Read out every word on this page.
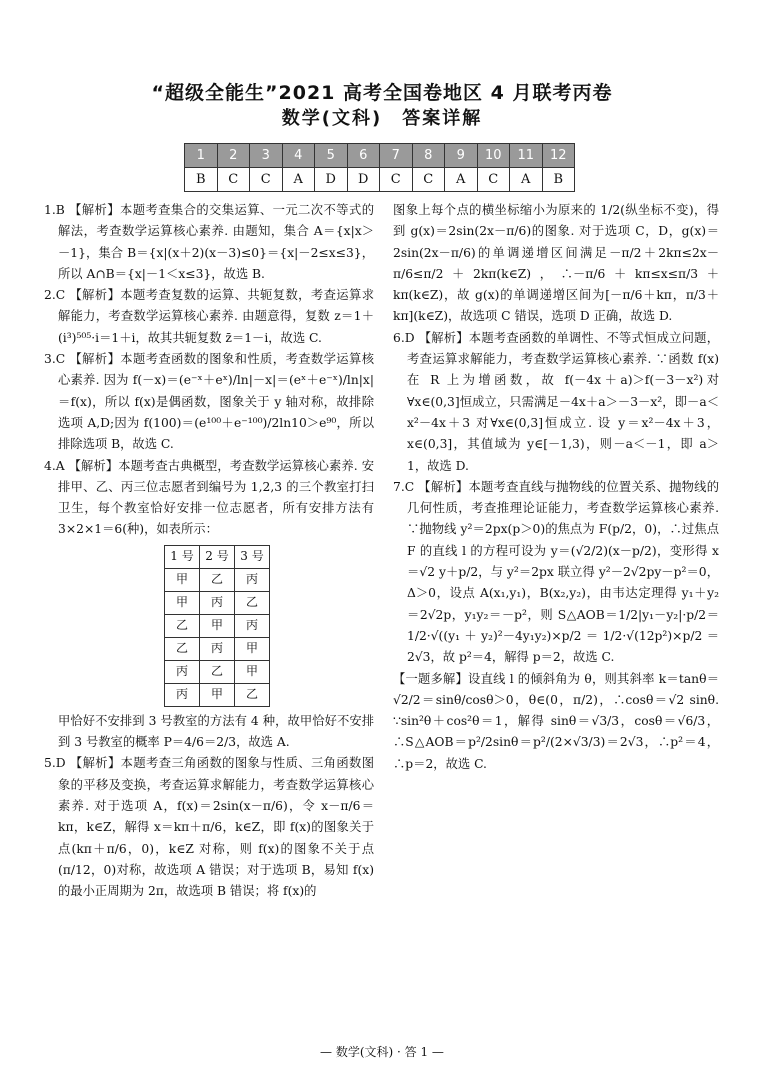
“超级全能生”2021 高考全国卷地区 4 月联考丙卷
数学(文科)　答案详解
1	2	3	4	5	6	7	8	9	10	11	12
B	C	C	A	D	D	C	C	A	C	A	B

1.B 【解析】本题考查集合的交集运算、一元二次不等式的解法，考查数学运算核心素养. 由题知，集合 A＝{x|x＞－1}，集合 B＝{x|(x＋2)(x－3)≤0}＝{x|－2≤x≤3}，所以 A∩B＝{x|－1＜x≤3}，故选 B.

2.C 【解析】本题考查复数的运算、共轭复数，考查运算求解能力，考查数学运算核心素养. 由题意得，复数 z＝1＋(i³)⁵⁰⁵·i＝1＋i，故其共轭复数 z̄＝1－i，故选 C.

3.C 【解析】本题考查函数的图象和性质，考查数学运算核心素养. 因为 f(－x)＝(e⁻ˣ＋eˣ)/ln|－x|＝(eˣ＋e⁻ˣ)/ln|x|＝f(x)，所以 f(x)是偶函数，图象关于 y 轴对称，故排除选项 A,D;因为 f(100)＝(e¹⁰⁰＋e⁻¹⁰⁰)/2ln10＞e⁹⁰，所以排除选项 B，故选 C.

4.A 【解析】本题考查古典概型，考查数学运算核心素养. 安排甲、乙、丙三位志愿者到编号为 1,2,3 的三个教室打扫卫生，每个教室恰好安排一位志愿者，所有安排方法有 3×2×1＝6(种)，如表所示：

1 号	2 号	3 号
甲	乙	丙
甲	丙	乙
乙	甲	丙
乙	丙	甲
丙	乙	甲
丙	甲	乙

甲恰好不安排到 3 号教室的方法有 4 种，故甲恰好不安排到 3 号教室的概率 P＝4/6＝2/3，故选 A.

5.D 【解析】本题考查三角函数的图象与性质、三角函数图象的平移及变换，考查运算求解能力，考查数学运算核心素养. 对于选项 A，f(x)＝2sin(x－π/6)，令 x－π/6＝kπ，k∈Z，解得 x＝kπ＋π/6，k∈Z，即 f(x)的图象关于点(kπ＋π/6，0)，k∈Z 对称，则 f(x)的图象不关于点(π/12，0)对称，故选项 A 错误；对于选项 B，易知 f(x)的最小正周期为 2π，故选项 B 错误；将 f(x)的

图象上每个点的横坐标缩小为原来的 1/2(纵坐标不变)，得到 g(x)＝2sin(2x－π/6)的图象. 对于选项 C，D，g(x)＝2sin(2x－π/6)的单调递增区间满足－π/2＋2kπ≤2x－π/6≤π/2＋2kπ(k∈Z)，∴－π/6＋kπ≤x≤π/3＋kπ(k∈Z)，故 g(x)的单调递增区间为[－π/6＋kπ，π/3＋kπ](k∈Z)，故选项 C 错误，选项 D 正确，故选 D.

6.D 【解析】本题考查函数的单调性、不等式恒成立问题，考查运算求解能力，考查数学运算核心素养. ∵函数 f(x)在 R 上为增函数，故 f(－4x＋a)＞f(－3－x²)对∀x∈(0,3]恒成立，只需满足－4x＋a＞－3－x²，即－a＜x²－4x＋3 对∀x∈(0,3]恒成立. 设 y＝x²－4x＋3，x∈(0,3]，其值域为 y∈[－1,3)，则－a＜－1，即 a＞1，故选 D.

7.C 【解析】本题考查直线与抛物线的位置关系、抛物线的几何性质，考查推理论证能力，考查数学运算核心素养. ∵抛物线 y²＝2px(p＞0)的焦点为 F(p/2，0)，∴过焦点 F 的直线 l 的方程可设为 y＝(√2/2)(x－p/2)，变形得 x＝√2 y＋p/2，与 y²＝2px 联立得 y²－2√2py－p²＝0，Δ＞0，设点 A(x₁,y₁)，B(x₂,y₂)，由韦达定理得 y₁＋y₂＝2√2p，y₁y₂＝－p²，则 S△AOB＝1/2|y₁－y₂|·p/2＝1/2·√((y₁＋y₂)²－4y₁y₂)×p/2＝1/2·√(12p²)×p/2＝2√3，故 p²＝4，解得 p＝2，故选 C.

【一题多解】设直线 l 的倾斜角为 θ，则其斜率 k＝tanθ＝√2/2＝sinθ/cosθ＞0，θ∈(0，π/2)，∴cosθ＝√2 sinθ. ∵sin²θ＋cos²θ＝1，解得 sinθ＝√3/3，cosθ＝√6/3，∴S△AOB＝p²/2sinθ＝p²/(2×√3/3)＝2√3，∴p²＝4，∴p＝2，故选 C.

— 数学(文科) · 答 1 —
